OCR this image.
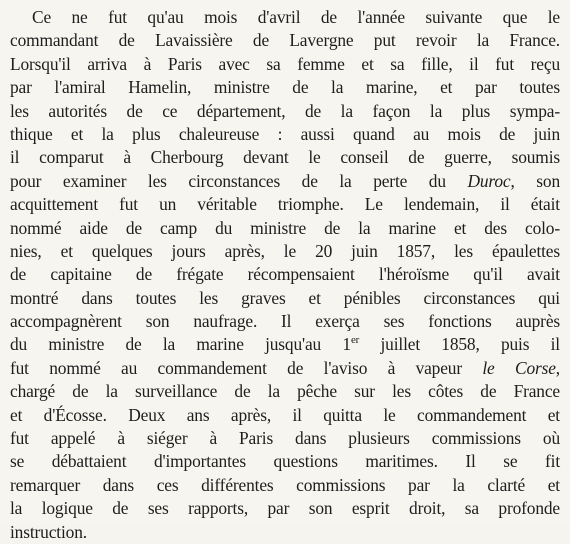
Ce ne fut qu'au mois d'avril de l'année suivante que le
commandant de Lavaissière de Lavergne put revoir la France.
Lorsqu'il arriva à Paris avec sa femme et sa fille, il fut reçu
par l'amiral Hamelin, ministre de la marine, et par toutes
les autorités de ce département, de la façon la plus sympa-
thique et la plus chaleureuse : aussi quand au mois de juin
il comparut à Cherbourg devant le conseil de guerre, soumis
pour examiner les circonstances de la perte du Duroc, son
acquittement fut un véritable triomphe. Le lendemain, il était
nommé aide de camp du ministre de la marine et des colo-
nies, et quelques jours après, le 20 juin 1857, les épaulettes
de capitaine de frégate récompensaient l'héroïsme qu'il avait
montré dans toutes les graves et pénibles circonstances qui
accompagnèrent son naufrage. Il exerça ses fonctions auprès
du ministre de la marine jusqu'au 1er juillet 1858, puis il
fut nommé au commandement de l'aviso à vapeur le Corse,
chargé de la surveillance de la pêche sur les côtes de France
et d'Écosse. Deux ans après, il quitta le commandement et
fut appelé à siéger à Paris dans plusieurs commissions où
se débattaient d'importantes questions maritimes. Il se fit
remarquer dans ces différentes commissions par la clarté et
la logique de ses rapports, par son esprit droit, sa profonde
instruction.
